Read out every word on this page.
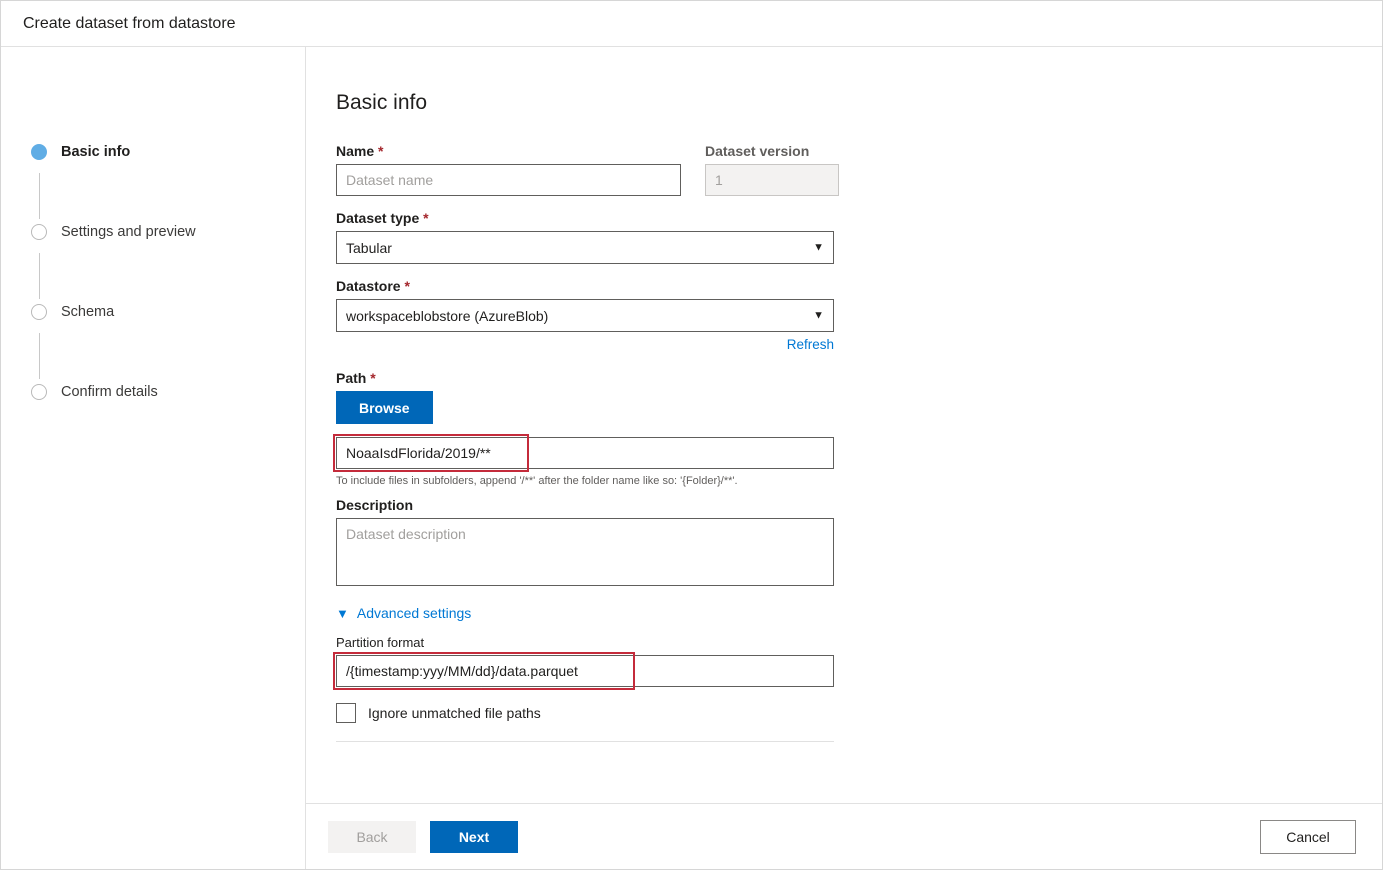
Create dataset from datastore
Basic info
Settings and preview
Schema
Confirm details
Basic info
Name *
Dataset name	Dataset version
1
Dataset type *
Tabular	▼
Datastore *
workspaceblobstore (AzureBlob)	▼
Refresh
Path *
Browse
NoaaIsdFlorida/2019/**
To include files in subfolders, append '/**' after the folder name like so: '{Folder}/**'.
Description
Dataset description
▼ Advanced settings
Partition format
/{timestamp:yyy/MM/dd}/data.parquet
Ignore unmatched file paths
Back	Next	Cancel
